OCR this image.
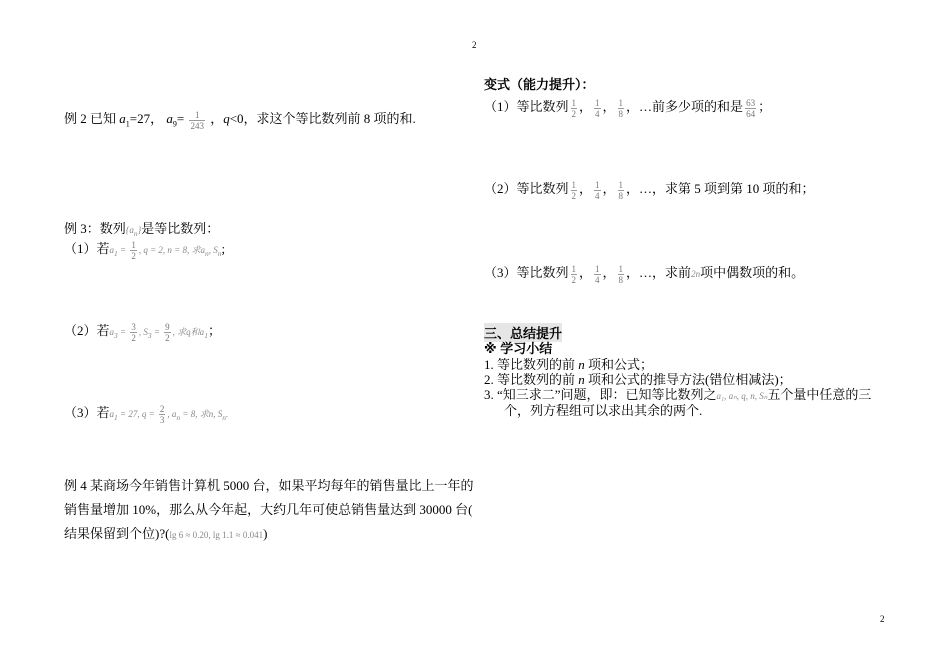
2
2
例 2 已知 $a_1=27$， $a_9= \frac{1}{243}$ ，q<0，求这个等比数列前 8 项的和.
例 3：数列$\{a_n\}$是等比数列：
（1）若$a_1 = \frac{1}{2}$ , q = 2, n = 8, 求$a_n$, $S_n$;
（2）若$a_3 = \frac{3}{2}$ , $S_3 = \frac{9}{2}$ , 求q和$a_1$；
（3）若$a_1 = 27$, $q = \frac{2}{3}$ , $a_n = 8$, 求n, $S_n$.
例 4 某商场今年销售计算机 5000 台，如果平均每年的销售量比上一年的
销售量增加 10%，那么从今年起，大约几年可使总销售量达到 30000 台(
结果保留到个位)?(lg 6 ≈ 0.20, lg 1.1 ≈ 0.041)
变式（能力提升）：
（1）等比数列 $\frac{1}{2}$ ， $\frac{1}{4}$ ， $\frac{1}{8}$ ，…前多少项的和是 $\frac{63}{64}$ ；
（2）等比数列 $\frac{1}{2}$ ， $\frac{1}{4}$ ， $\frac{1}{8}$ ，…，求第 5 项到第 10 项的和；
（3）等比数列 $\frac{1}{2}$ ， $\frac{1}{4}$ ， $\frac{1}{8}$ ，…，求前2n项中偶数项的和。
三、总结提升
※ 学习小结
1. 等比数列的前 n 项和公式；
2. 等比数列的前 n 项和公式的推导方法(错位相减法)；
3. “知三求二”问题，即：已知等比数列之a₁, aₙ, q, n, Sₙ五个量中任意的三
个，列方程组可以求出其余的两个.
